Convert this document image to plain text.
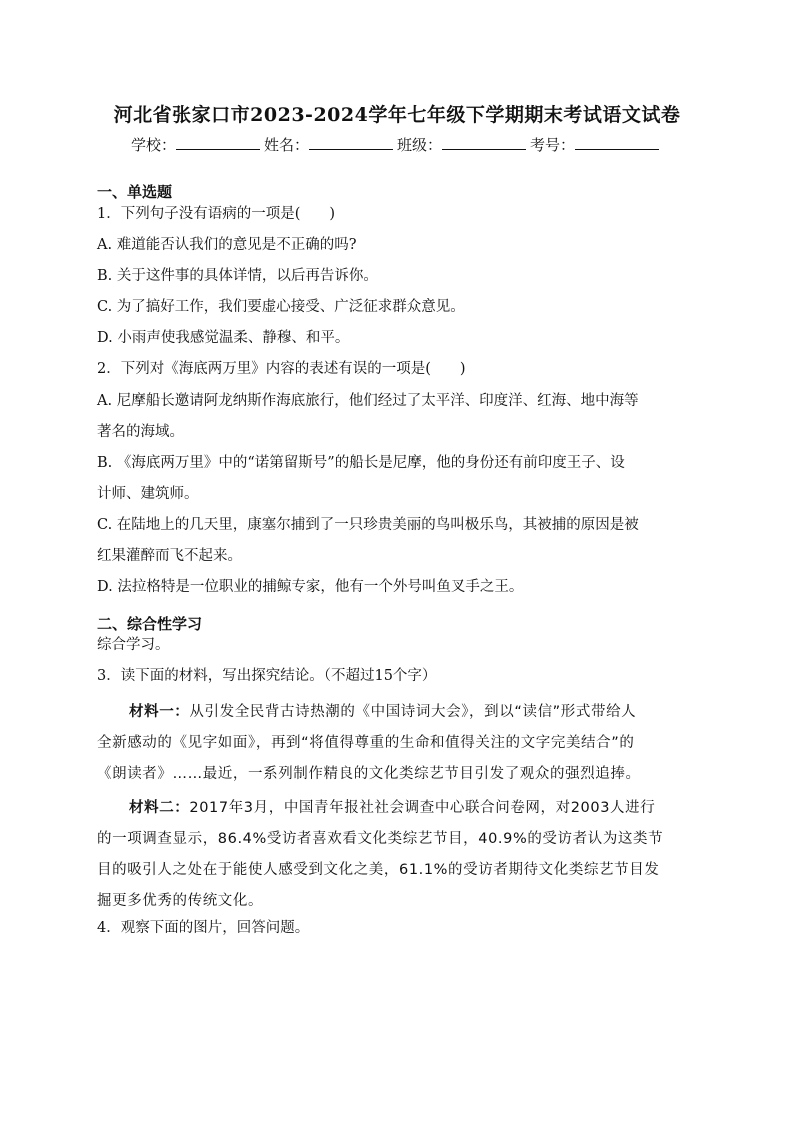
河北省张家口市2023-2024学年七年级下学期期末考试语文试卷
学校：	姓名：	班级：	考号：
一、单选题
1．下列句子没有语病的一项是(　　)
A. 难道能否认我们的意见是不正确的吗?
B. 关于这件事的具体详情，以后再告诉你。
C. 为了搞好工作，我们要虚心接受、广泛征求群众意见。
D. 小雨声使我感觉温柔、静穆、和平。
2．下列对《海底两万里》内容的表述有误的一项是(　　)
A. 尼摩船长邀请阿龙纳斯作海底旅行，他们经过了太平洋、印度洋、红海、地中海等
著名的海域。
B. 《海底两万里》中的“诺第留斯号”的船长是尼摩，他的身份还有前印度王子、设
计师、建筑师。
C. 在陆地上的几天里，康塞尔捕到了一只珍贵美丽的鸟叫极乐鸟，其被捕的原因是被
红果灌醉而飞不起来。
D. 法拉格特是一位职业的捕鲸专家，他有一个外号叫鱼叉手之王。
二、综合性学习
综合学习。
3．读下面的材料，写出探究结论。（不超过15个字）
材料一：从引发全民背古诗热潮的《中国诗词大会》，到以“读信”形式带给人
全新感动的《见字如面》，再到“将值得尊重的生命和值得关注的文字完美结合”的
《朗读者》……最近，一系列制作精良的文化类综艺节目引发了观众的强烈追捧。
材料二：2017年3月，中国青年报社社会调查中心联合问卷网，对2003人进行
的一项调查显示，86.4%受访者喜欢看文化类综艺节目，40.9%的受访者认为这类节
目的吸引人之处在于能使人感受到文化之美，61.1%的受访者期待文化类综艺节目发
掘更多优秀的传统文化。
4．观察下面的图片，回答问题。
